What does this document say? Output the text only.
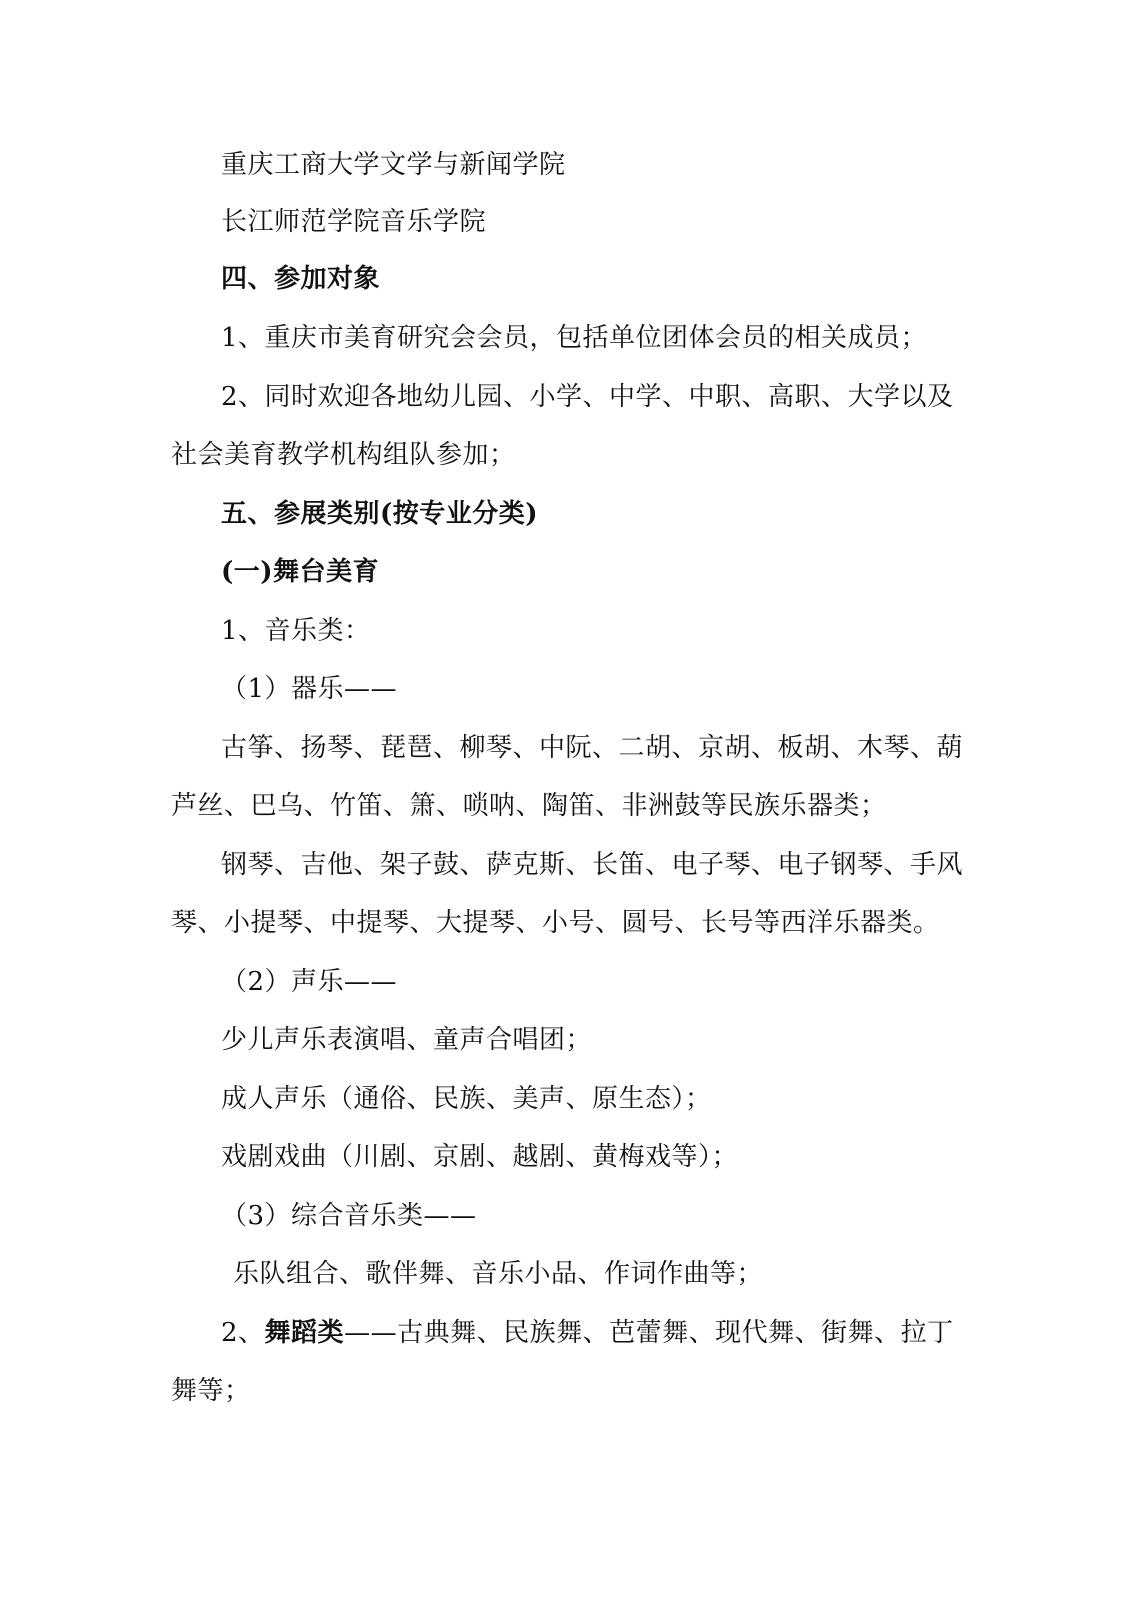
重庆工商大学文学与新闻学院
长江师范学院音乐学院
四、参加对象
1、重庆市美育研究会会员，包括单位团体会员的相关成员；
2、同时欢迎各地幼儿园、小学、中学、中职、高职、大学以及
社会美育教学机构组队参加；
五、参展类别(按专业分类)
(一)舞台美育
1、音乐类：
（1）器乐——
古筝、扬琴、琵琶、柳琴、中阮、二胡、京胡、板胡、木琴、葫
芦丝、巴乌、竹笛、箫、唢呐、陶笛、非洲鼓等民族乐器类；
钢琴、吉他、架子鼓、萨克斯、长笛、电子琴、电子钢琴、手风
琴、小提琴、中提琴、大提琴、小号、圆号、长号等西洋乐器类。
（2）声乐——
少儿声乐表演唱、童声合唱团；
成人声乐（通俗、民族、美声、原生态）；
戏剧戏曲（川剧、京剧、越剧、黄梅戏等）；
（3）综合音乐类——
乐队组合、歌伴舞、音乐小品、作词作曲等；
2、舞蹈类——古典舞、民族舞、芭蕾舞、现代舞、街舞、拉丁
舞等；
